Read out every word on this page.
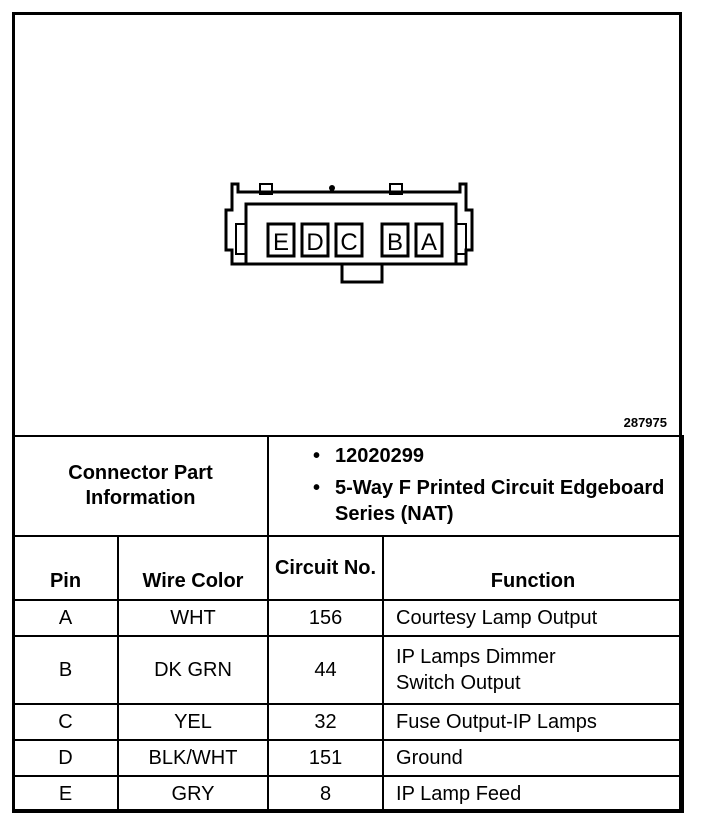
E D C B A
287975
Connector Part Information		• 12020299
• 5-Way F Printed Circuit Edgeboard Series (NAT)

Pin	Wire Color	Circuit No.	Function
A	WHT	156	Courtesy Lamp Output
B	DK GRN	44	IP Lamps Dimmer
Switch Output
C	YEL	32	Fuse Output-IP Lamps
D	BLK/WHT	151	Ground
E	GRY	8	IP Lamp Feed
